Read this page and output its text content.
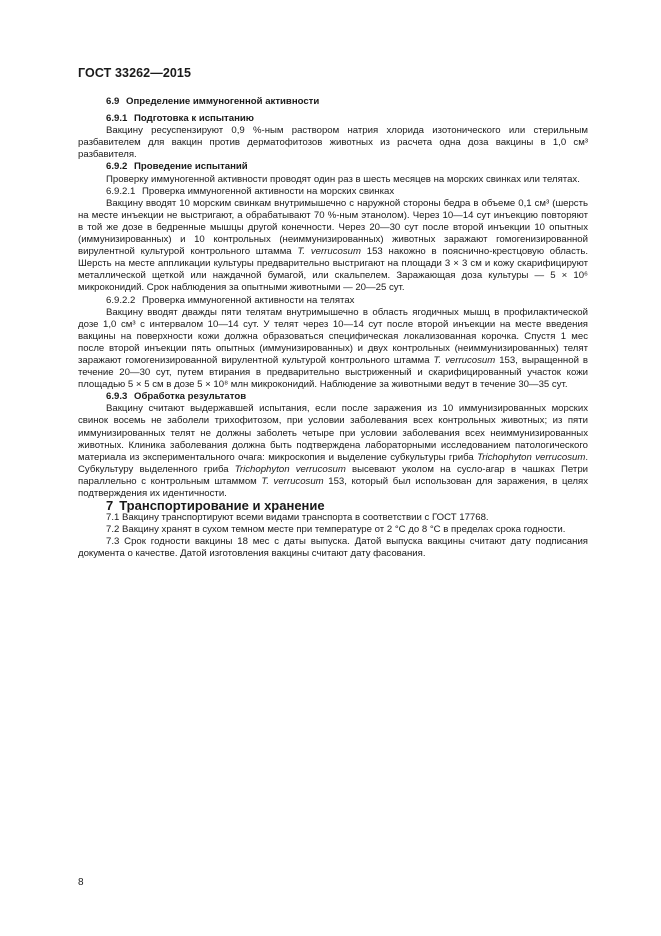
ГОСТ 33262—2015

6.9 Определение иммуногенной активности

6.9.1 Подготовка к испытанию

Вакцину ресуспензируют 0,9 %-ным раствором натрия хлорида изотонического или стерильным разбавителем для вакцин против дерматофитозов животных из расчета одна доза вакцины в 1,0 см³ разбавителя.

6.9.2 Проведение испытаний

Проверку иммуногенной активности проводят один раз в шесть месяцев на морских свинках или телятах.

6.9.2.1 Проверка иммуногенной активности на морских свинках

Вакцину вводят 10 морским свинкам внутримышечно с наружной стороны бедра в объеме 0,1 см³ (шерсть на месте инъекции не выстригают, а обрабатывают 70 %-ным этанолом). Через 10—14 сут инъекцию повторяют в той же дозе в бедренные мышцы другой конечности. Через 20—30 сут после второй инъекции 10 опытных (иммунизированных) и 10 контрольных (неиммунизированных) животных заражают гомогенизированной вирулентной культурой контрольного штамма T. verrucosum 153 накожно в пояснично-крестцовую область. Шерсть на месте аппликации культуры предварительно выстригают на площади 3 × 3 см и кожу скарифицируют металлической щеткой или наждачной бумагой, или скальпелем. Заражающая доза культуры — 5 × 10⁶ микроконидий. Срок наблюдения за опытными животными — 20—25 сут.

6.9.2.2 Проверка иммуногенной активности на телятах

Вакцину вводят дважды пяти телятам внутримышечно в область ягодичных мышц в профилактической дозе 1,0 см³ с интервалом 10—14 сут. У телят через 10—14 сут после второй инъекции на месте введения вакцины на поверхности кожи должна образоваться специфическая локализованная корочка. Спустя 1 мес после второй инъекции пять опытных (иммунизированных) и двух контрольных (неиммунизированных) телят заражают гомогенизированной вирулентной культурой контрольного штамма T. verrucosum 153, выращенной в течение 20—30 сут, путем втирания в предварительно выстриженный и скарифицированный участок кожи площадью 5 × 5 см в дозе 5 × 10⁸ млн микроконидий. Наблюдение за животными ведут в течение 30—35 сут.

6.9.3 Обработка результатов

Вакцину считают выдержавшей испытания, если после заражения из 10 иммунизированных морских свинок восемь не заболели трихофитозом, при условии заболевания всех контрольных животных; из пяти иммунизированных телят не должны заболеть четыре при условии заболевания всех неиммунизированных животных. Клиника заболевания должна быть подтверждена лабораторными исследованием патологического материала из экспериментального очага: микроскопия и выделение субкультуры гриба Trichophyton verrucosum. Субкультуру выделенного гриба Trichophyton verrucosum высевают уколом на сусло-агар в чашках Петри параллельно с контрольным штаммом T. verrucosum 153, который был использован для заражения, в целях подтверждения их идентичности.

7 Транспортирование и хранение

7.1 Вакцину транспортируют всеми видами транспорта в соответствии с ГОСТ 17768.

7.2 Вакцину хранят в сухом темном месте при температуре от 2 °С до 8 °С в пределах срока годности.

7.3 Срок годности вакцины 18 мес с даты выпуска. Датой выпуска вакцины считают дату подписания документа о качестве. Датой изготовления вакцины считают дату фасования.

8
